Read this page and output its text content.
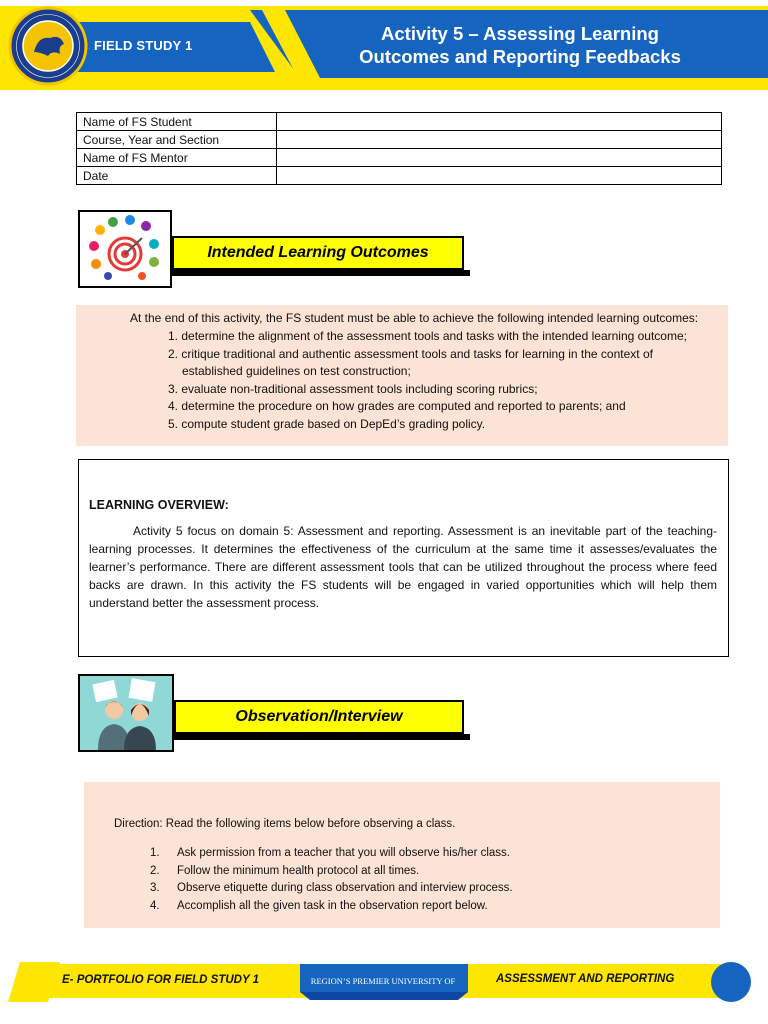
FIELD STUDY 1
Activity 5 – Assessing Learning
Outcomes and Reporting Feedbacks
Name of FS Student	
Course, Year and Section	
Name of FS Mentor	
Date	
Intended Learning Outcomes
At the end of this activity, the FS student must be able to achieve the following intended learning outcomes:
1. determine the alignment of the assessment tools and tasks with the intended learning outcome;
2. critique traditional and authentic assessment tools and tasks for learning in the context of
established guidelines on test construction;
3. evaluate non-traditional assessment tools including scoring rubrics;
4. determine the procedure on how grades are computed and reported to parents; and
5. compute student grade based on DepEd’s grading policy.
LEARNING OVERVIEW:
Activity 5 focus on domain 5: Assessment and reporting. Assessment is an inevitable part of the teaching-learning processes. It determines the effectiveness of the curriculum at the same time it assesses/evaluates the learner’s performance. There are different assessment tools that can be utilized throughout the process where feed backs are drawn. In this activity the FS students will be engaged in varied opportunities which will help them understand better the assessment process.
Observation/Interview
Direction: Read the following items below before observing a class.
1. Ask permission from a teacher that you will observe his/her class.
2. Follow the minimum health protocol at all times.
3. Observe etiquette during class observation and interview process.
4. Accomplish all the given task in the observation report below.
E- PORTFOLIO FOR FIELD STUDY 1	REGION’S PREMIER UNIVERSITY OF	ASSESSMENT AND REPORTING
